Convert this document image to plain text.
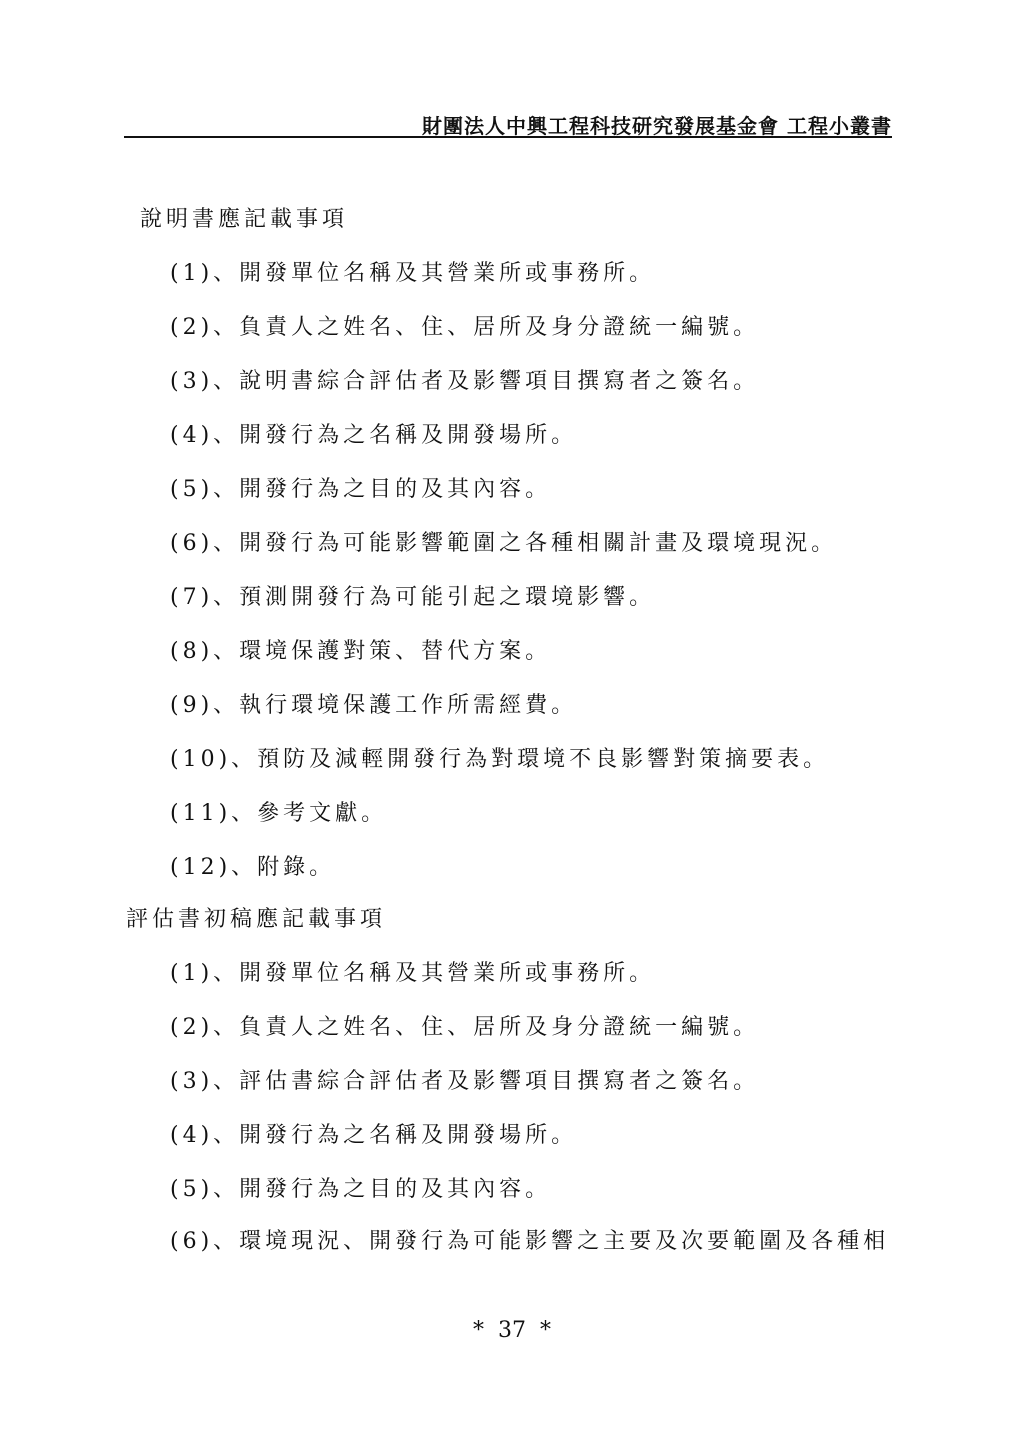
財團法人中興工程科技研究發展基金會 工程小叢書
說明書應記載事項
(1)、開發單位名稱及其營業所或事務所。
(2)、負責人之姓名、住、居所及身分證統一編號。
(3)、說明書綜合評估者及影響項目撰寫者之簽名。
(4)、開發行為之名稱及開發場所。
(5)、開發行為之目的及其內容。
(6)、開發行為可能影響範圍之各種相關計畫及環境現況。
(7)、預測開發行為可能引起之環境影響。
(8)、環境保護對策、替代方案。
(9)、執行環境保護工作所需經費。
(10)、預防及減輕開發行為對環境不良影響對策摘要表。
(11)、參考文獻。
(12)、附錄。
評估書初稿應記載事項
(1)、開發單位名稱及其營業所或事務所。
(2)、負責人之姓名、住、居所及身分證統一編號。
(3)、評估書綜合評估者及影響項目撰寫者之簽名。
(4)、開發行為之名稱及開發場所。
(5)、開發行為之目的及其內容。
(6)、環境現況、開發行為可能影響之主要及次要範圍及各種相
*  37  *
